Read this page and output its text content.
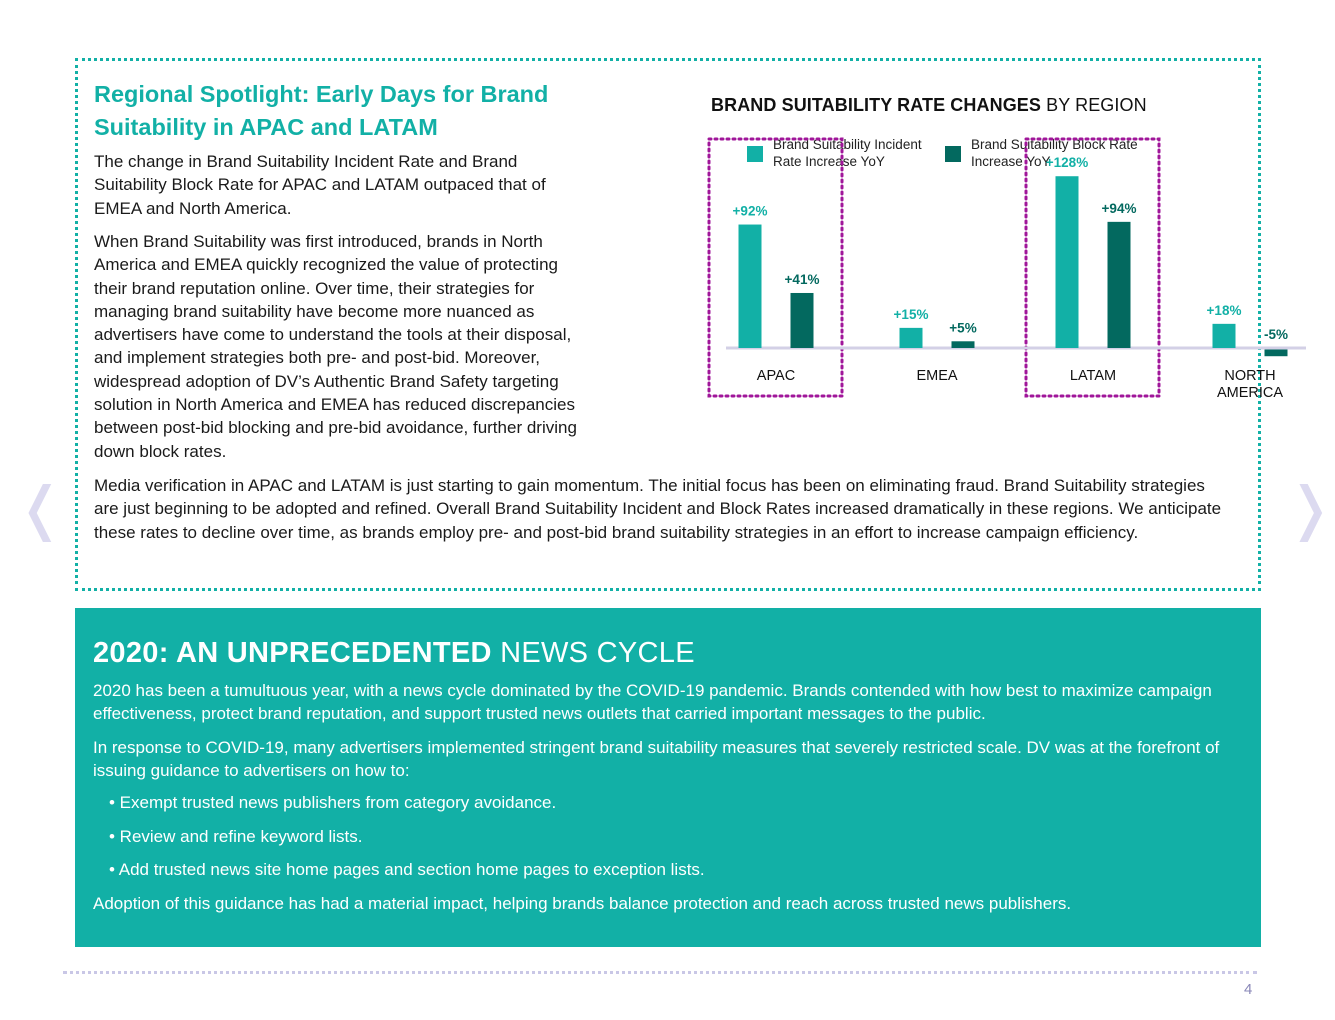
❬	❭
Regional Spotlight: Early Days for Brand Suitability in APAC and LATAM

The change in Brand Suitability Incident Rate and Brand Suitability Block Rate for APAC and LATAM outpaced that of EMEA and North America.

When Brand Suitability was first introduced, brands in North America and EMEA quickly recognized the value of protecting their brand reputation online. Over time, their strategies for managing brand suitability have become more nuanced as advertisers have come to understand the tools at their disposal, and implement strategies both pre- and post-bid. Moreover, widespread adoption of DV’s Authentic Brand Safety targeting solution in North America and EMEA has reduced discrepancies between post-bid blocking and pre-bid avoidance, further driving down block rates.

Media verification in APAC and LATAM is just starting to gain momentum. The initial focus has been on eliminating fraud. Brand Suitability strategies are just beginning to be adopted and refined. Overall Brand Suitability Incident and Block Rates increased dramatically in these regions. We anticipate these rates to decline over time, as brands employ pre- and post-bid brand suitability strategies in an effort to increase campaign efficiency.

BRAND SUITABILITY RATE CHANGES BY REGION
Brand Suitability Incident Rate Increase YoY
Brand Suitability Block Rate Increase YoY
+92%
+41%
APAC
+15%
+5%
EMEA
+128%
+94%
LATAM
+18%
-5%
NORTH
AMERICA
2020: AN UNPRECEDENTED NEWS CYCLE

2020 has been a tumultuous year, with a news cycle dominated by the COVID-19 pandemic. Brands contended with how best to maximize campaign effectiveness, protect brand reputation, and support trusted news outlets that carried important messages to the public.

In response to COVID-19, many advertisers implemented stringent brand suitability measures that severely restricted scale. DV was at the forefront of issuing guidance to advertisers on how to:

• Exempt trusted news publishers from category avoidance.
• Review and refine keyword lists.
• Add trusted news site home pages and section home pages to exception lists.

Adoption of this guidance has had a material impact, helping brands balance protection and reach across trusted news publishers.

4
